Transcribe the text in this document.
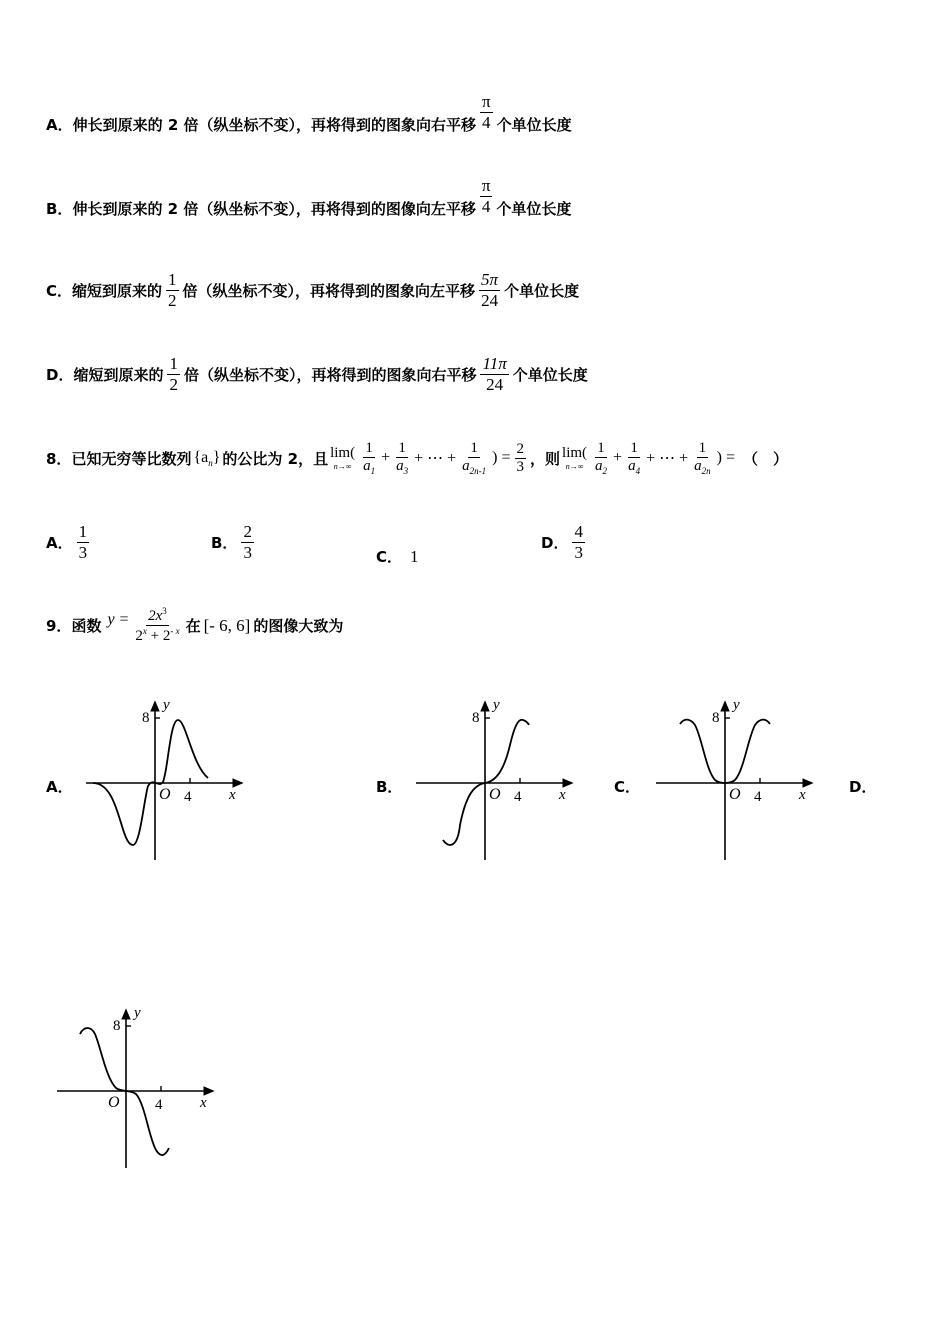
A． 伸长到原来的 2 倍（纵坐标不变），再将得到的图象向右平移 $\frac{\pi}{4}$ 个单位长度
B． 伸长到原来的 2 倍（纵坐标不变），再将得到的图像向左平移 $\frac{\pi}{4}$ 个单位长度
C． 缩短到原来的 $\frac{1}{2}$ 倍（纵坐标不变），再将得到的图象向左平移 $\frac{5\pi}{24}$ 个单位长度
D． 缩短到原来的 $\frac{1}{2}$ 倍（纵坐标不变），再将得到的图象向右平移 $\frac{11\pi}{24}$ 个单位长度
8． 已知无穷等比数列 $\{a_n\}$ 的公比为 2，且 lim(
$n\to\infty \frac{1}{a_1} + \frac{1}{a_3}$ + ⋯ + $\frac{1}{a_{2n-1}}$ ) = $\frac{2}{3}$ ，则 lim(
$n\to\infty \frac{1}{a_2} + \frac{1}{a_4}$ + ⋯ + $\frac{1}{a_{2n}}$ ) = （　）
A． $\frac{1}{3}$	B． $\frac{2}{3}$	C． 1
D． $\frac{4}{3}$
9． 函数 $y = \frac{2x^3}{2^x + 2^{- x}}$ 在 [- 6, 6] 的图像大致为
A．	B．	C．	D．
8
y
O 4	x
8
y
O 4	x
8
y
O 4	x
8
y
O 4	x
